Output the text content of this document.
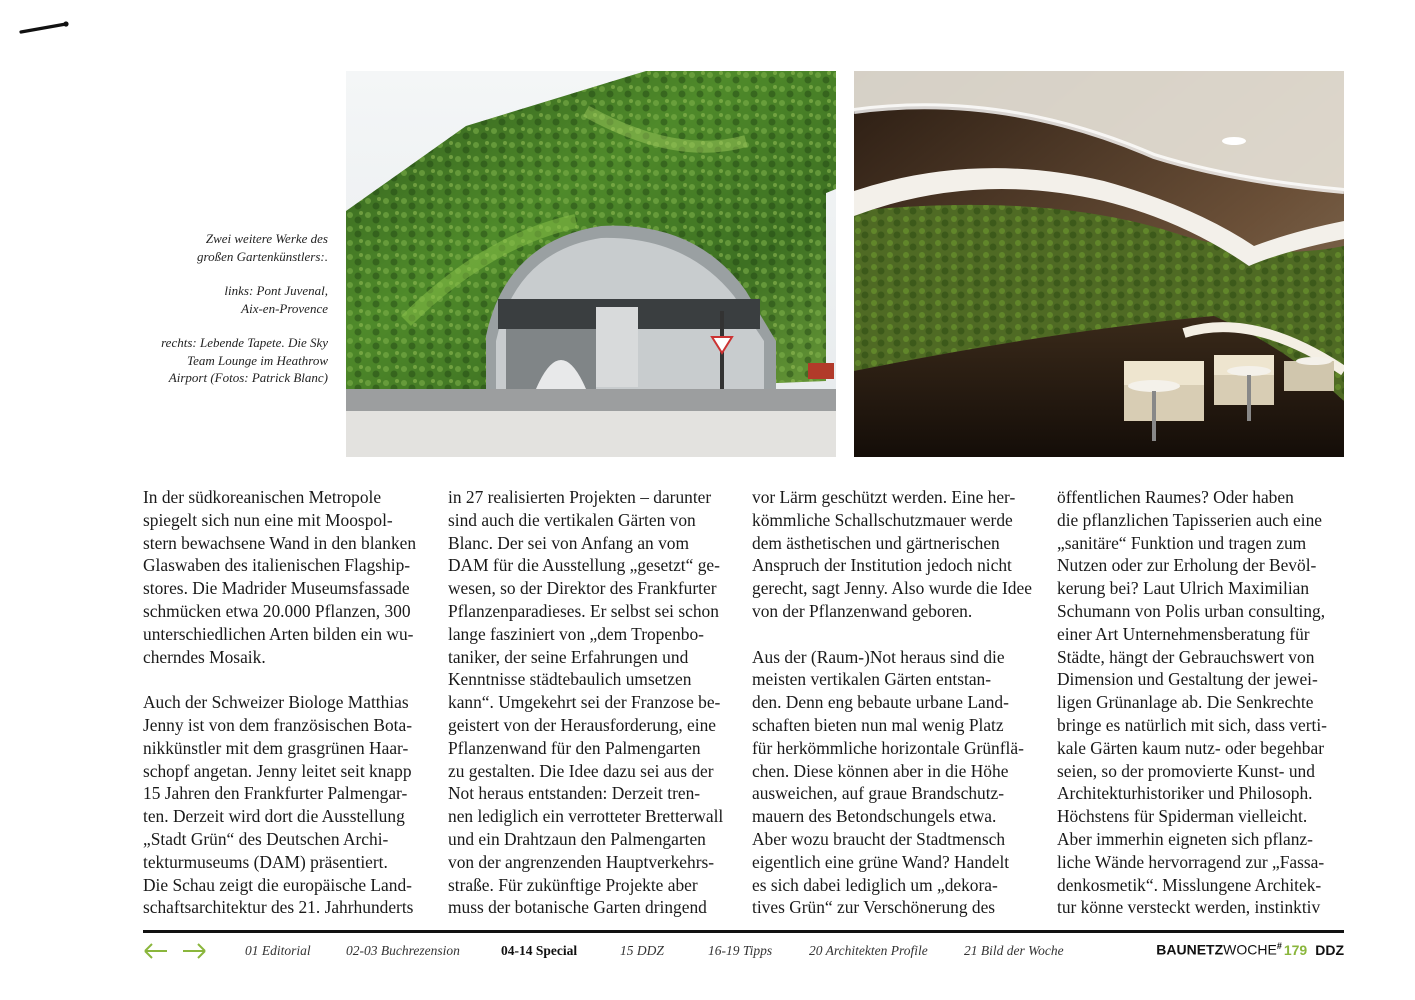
Zwei weitere Werke des
großen Gartenkünstlers:.

links: Pont Juvenal,
Aix-en-Provence

rechts: Lebende Tapete. Die Sky
Team Lounge im Heathrow
Airport (Fotos: Patrick Blanc)

In der südkoreanischen Metropole
spiegelt sich nun eine mit Moospol-
stern bewachsene Wand in den blanken
Glaswaben des italienischen Flagship-
stores. Die Madrider Museumsfassade
schmücken etwa 20.000 Pflanzen, 300
unterschiedlichen Arten bilden ein wu-
cherndes Mosaik.

Auch der Schweizer Biologe Matthias
Jenny ist von dem französischen Bota-
nikkünstler mit dem grasgrünen Haar-
schopf angetan. Jenny leitet seit knapp
15 Jahren den Frankfurter Palmengar-
ten. Derzeit wird dort die Ausstellung
„Stadt Grün“ des Deutschen Archi-
tekturmuseums (DAM) präsentiert.
Die Schau zeigt die europäische Land-
schaftsarchitektur des 21. Jahrhunderts

in 27 realisierten Projekten – darunter
sind auch die vertikalen Gärten von
Blanc. Der sei von Anfang an vom
DAM für die Ausstellung „gesetzt“ ge-
wesen, so der Direktor des Frankfurter
Pflanzenparadieses. Er selbst sei schon
lange fasziniert von „dem Tropenbo-
taniker, der seine Erfahrungen und
Kenntnisse städtebaulich umsetzen
kann“. Umgekehrt sei der Franzose be-
geistert von der Herausforderung, eine
Pflanzenwand für den Palmengarten
zu gestalten. Die Idee dazu sei aus der
Not heraus entstanden: Derzeit tren-
nen lediglich ein verrotteter Bretterwall
und ein Drahtzaun den Palmengarten
von der angrenzenden Hauptverkehrs-
straße. Für zukünftige Projekte aber
muss der botanische Garten dringend

vor Lärm geschützt werden. Eine her-
kömmliche Schallschutzmauer werde
dem ästhetischen und gärtnerischen
Anspruch der Institution jedoch nicht
gerecht, sagt Jenny. Also wurde die Idee
von der Pflanzenwand geboren.

Aus der (Raum-)Not heraus sind die
meisten vertikalen Gärten entstan-
den. Denn eng bebaute urbane Land-
schaften bieten nun mal wenig Platz
für herkömmliche horizontale Grünflä-
chen. Diese können aber in die Höhe
ausweichen, auf graue Brandschutz-
mauern des Betondschungels etwa.
Aber wozu braucht der Stadtmensch
eigentlich eine grüne Wand? Handelt
es sich dabei lediglich um „dekora-
tives Grün“ zur Verschönerung des

öffentlichen Raumes? Oder haben
die pflanzlichen Tapisserien auch eine
„sanitäre“ Funktion und tragen zum
Nutzen oder zur Erholung der Bevöl-
kerung bei? Laut Ulrich Maximilian
Schumann von Polis urban consulting,
einer Art Unternehmensberatung für
Städte, hängt der Gebrauchswert von
Dimension und Gestaltung der jewei-
ligen Grünanlage ab. Die Senkrechte
bringe es natürlich mit sich, dass verti-
kale Gärten kaum nutz- oder begehbar
seien, so der promovierte Kunst- und
Architekturhistoriker und Philosoph.
Höchstens für Spiderman vielleicht.
Aber immerhin eigneten sich pflanz-
liche Wände hervorragend zur „Fassa-
denkosmetik“. Misslungene Architek-
tur könne versteckt werden, instinktiv

01 Editorial	02-03 Buchrezension	04-14 Special	15 DDZ	16-19 Tipps	20 Architekten Profile	21 Bild der Woche	BAUNETZWOCHE# 179 DDZ
